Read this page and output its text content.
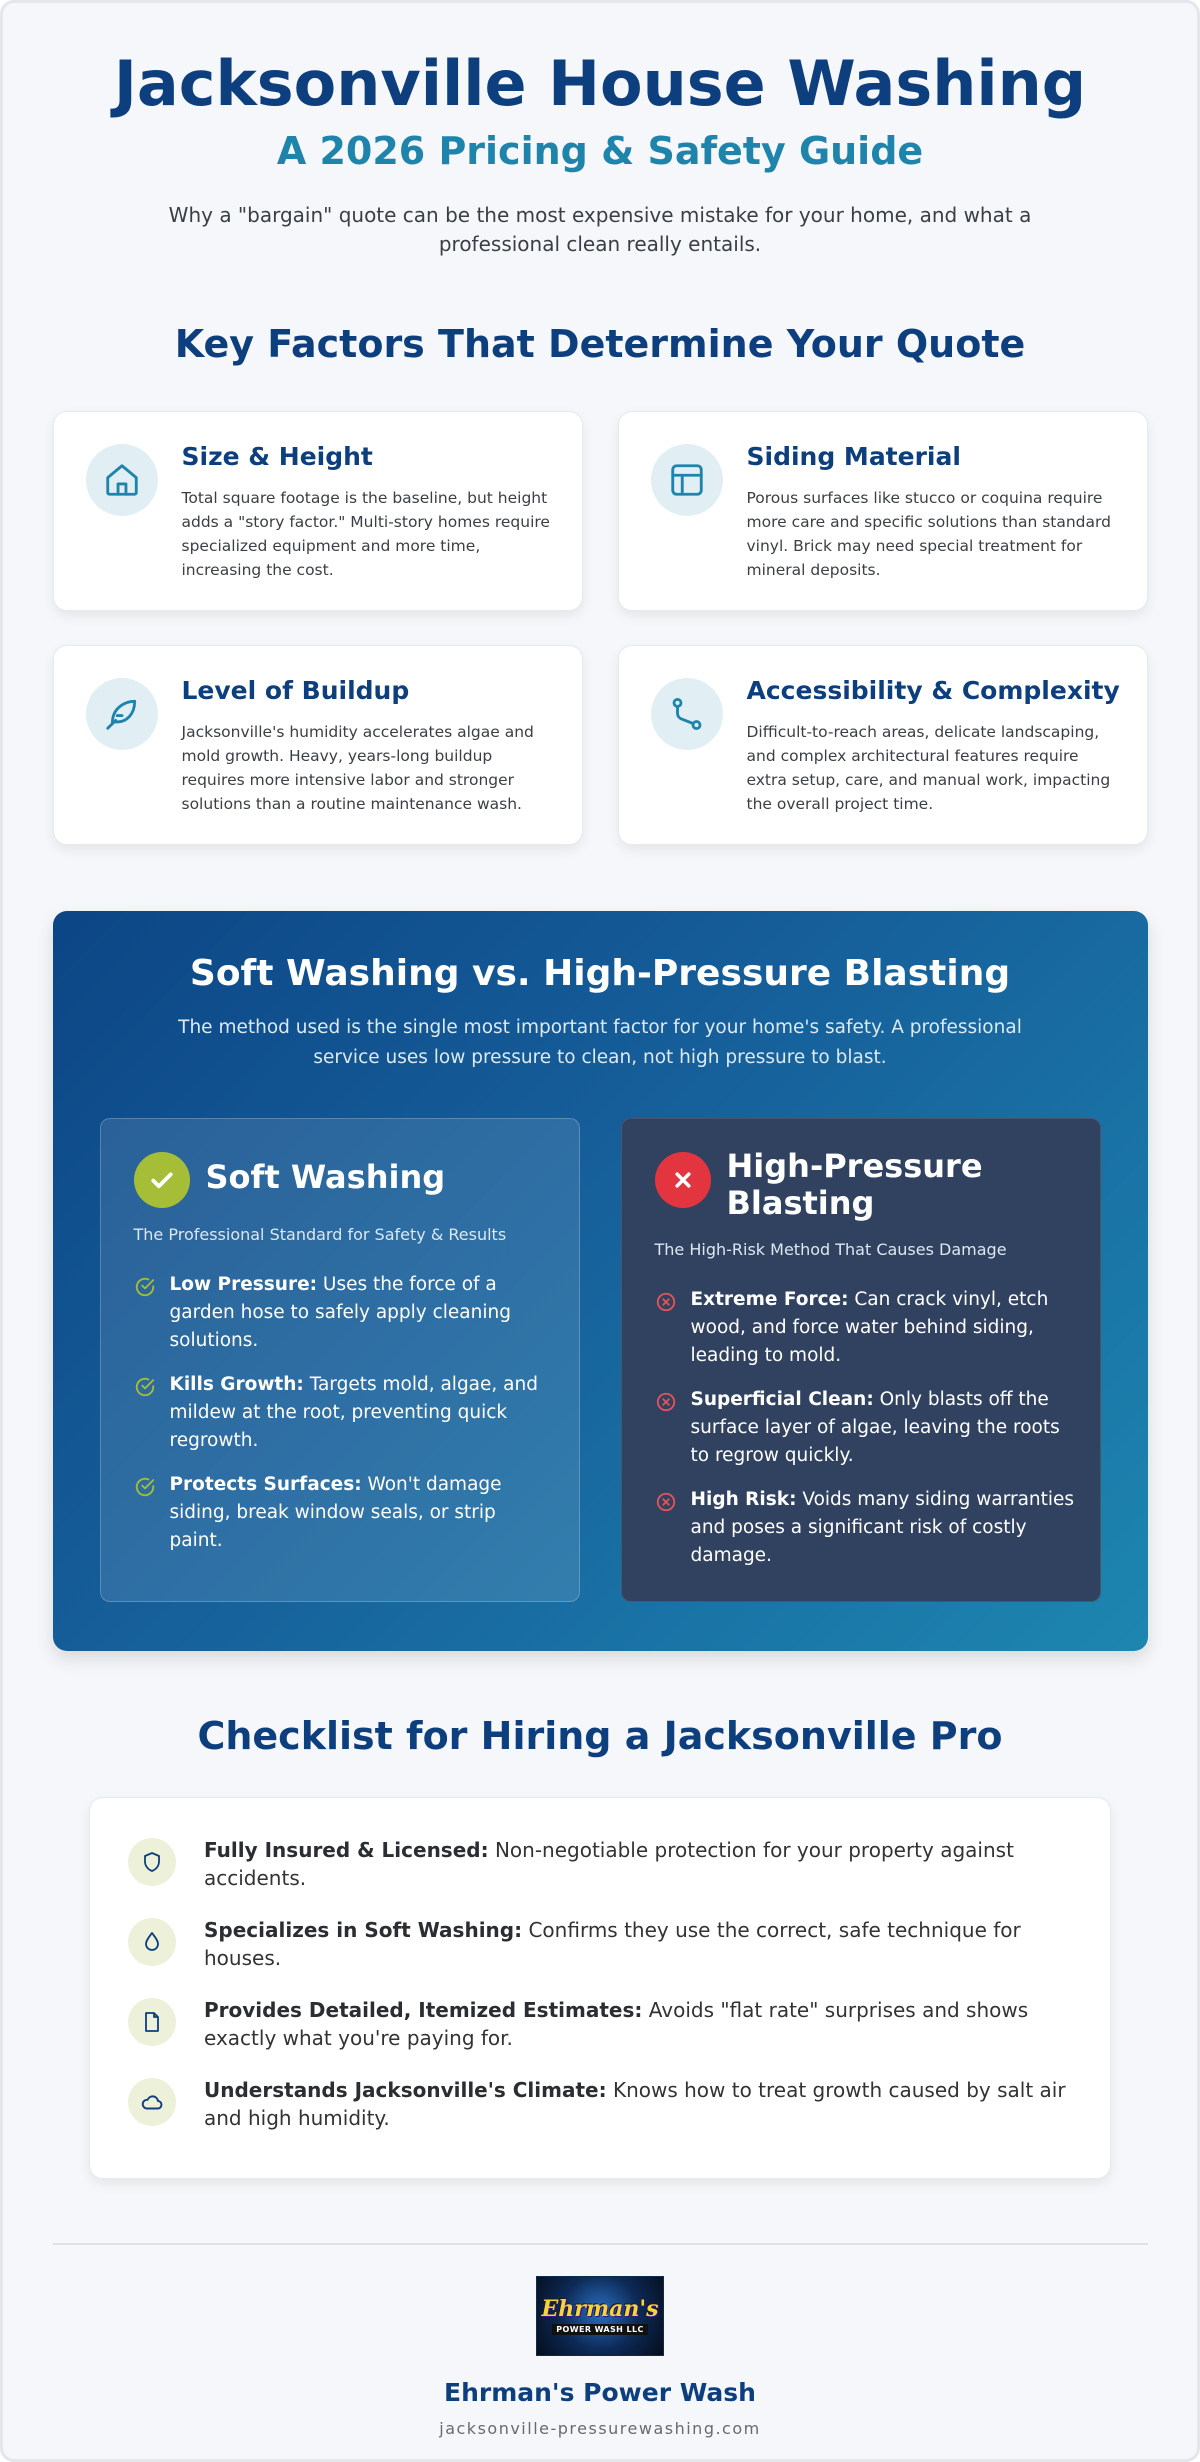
Jacksonville House Washing
A 2026 Pricing & Safety Guide

Why a "bargain" quote can be the most expensive mistake for your home, and what a professional clean really entails.

Key Factors That Determine Your Quote
Size & Height

Total square footage is the baseline, but height adds a "story factor." Multi-story homes require specialized equipment and more time, increasing the cost.

Siding Material

Porous surfaces like stucco or coquina require more care and specific solutions than standard vinyl. Brick may need special treatment for mineral deposits.

Level of Buildup

Jacksonville's humidity accelerates algae and mold growth. Heavy, years-long buildup requires more intensive labor and stronger solutions than a routine maintenance wash.

Accessibility & Complexity

Difficult-to-reach areas, delicate landscaping, and complex architectural features require extra setup, care, and manual work, impacting the overall project time.

Soft Washing vs. High-Pressure Blasting

The method used is the single most important factor for your home's safety. A professional service uses low pressure to clean, not high pressure to blast.

Soft Washing
The Professional Standard for Safety & Results
Low Pressure: Uses the force of a garden hose to safely apply cleaning solutions.
Kills Growth: Targets mold, algae, and mildew at the root, preventing quick regrowth.
Protects Surfaces: Won't damage siding, break window seals, or strip paint.
High-Pressure Blasting
The High-Risk Method That Causes Damage
Extreme Force: Can crack vinyl, etch wood, and force water behind siding, leading to mold.
Superficial Clean: Only blasts off the surface layer of algae, leaving the roots to regrow quickly.
High Risk: Voids many siding warranties and poses a significant risk of costly damage.
Checklist for Hiring a Jacksonville Pro
Fully Insured & Licensed: Non-negotiable protection for your property against accidents.
Specializes in Soft Washing: Confirms they use the correct, safe technique for houses.
Provides Detailed, Itemized Estimates: Avoids "flat rate" surprises and shows exactly what you're paying for.
Understands Jacksonville's Climate: Knows how to treat growth caused by salt air and high humidity.
Ehrman's
POWER WASH LLC
Ehrman's Power Wash
jacksonville-pressurewashing.com
